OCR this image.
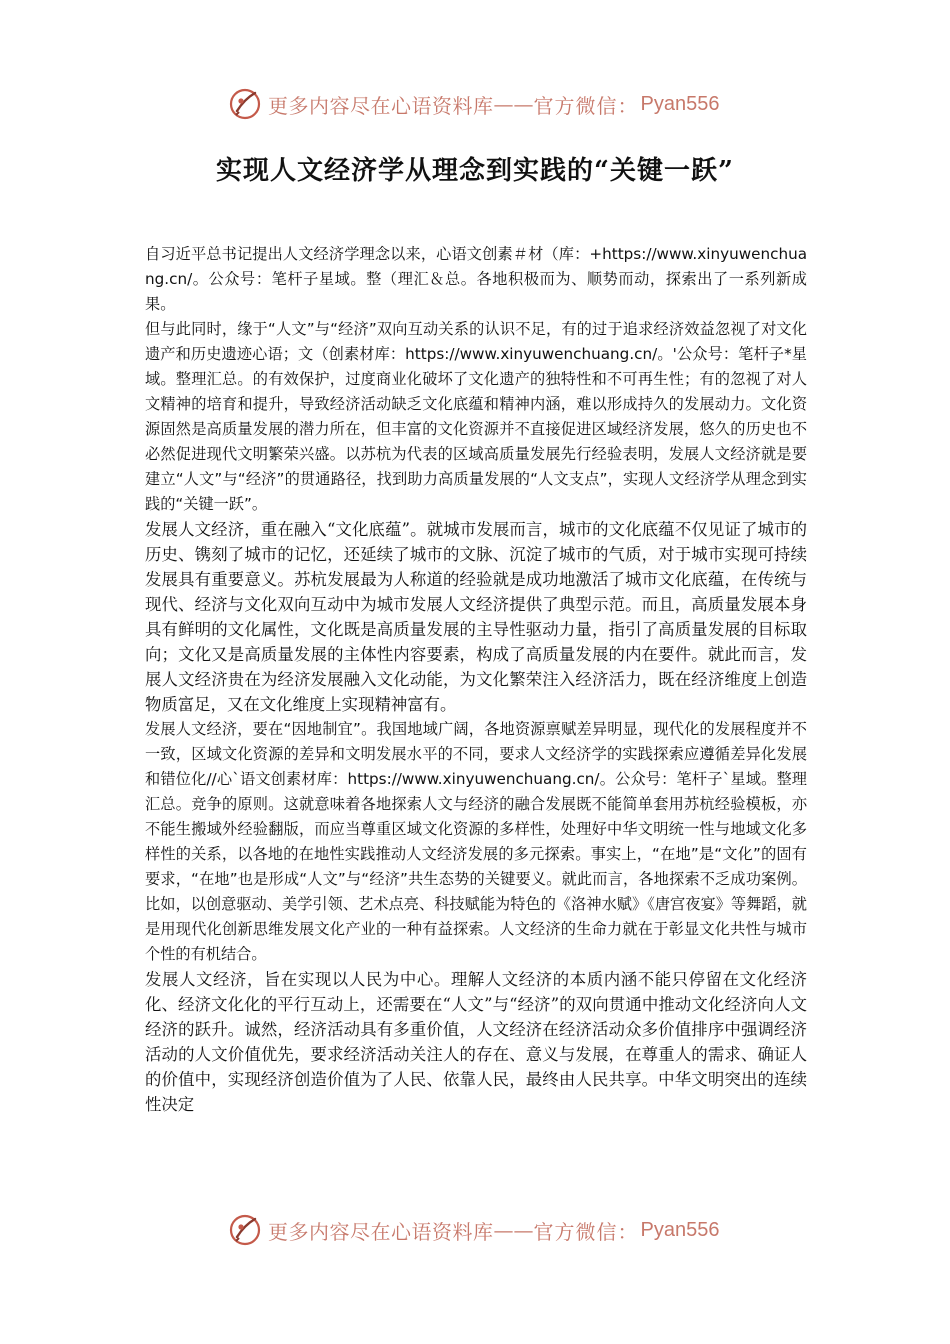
更多内容尽在心语资料库 —— 官方微信： Pyan556
实现人文经济学从理念到实践的“关键一跃”

自习近平总书记提出人文经济学理念以来，心语文创素＃材（库：+https://www.xinyuwenchuang.cn/。公众号：笔杆子星域。整（理汇＆总。各地积极而为、顺势而动，探索出了一系列新成果。

但与此同时，缘于“人文”与“经济”双向互动关系的认识不足，有的过于追求经济效益忽视了对文化遗产和历史遗迹心语；文（创素材库：https://www.xinyuwenchuang.cn/。'公众号：笔杆子*星域。整理汇总。的有效保护，过度商业化破坏了文化遗产的独特性和不可再生性；有的忽视了对人文精神的培育和提升，导致经济活动缺乏文化底蕴和精神内涵，难以形成持久的发展动力。文化资源固然是高质量发展的潜力所在，但丰富的文化资源并不直接促进区域经济发展，悠久的历史也不必然促进现代文明繁荣兴盛。以苏杭为代表的区域高质量发展先行经验表明，发展人文经济就是要建立“人文”与“经济”的贯通路径，找到助力高质量发展的“人文支点”，实现人文经济学从理念到实践的“关键一跃”。

发展人文经济，重在融入“文化底蕴”。就城市发展而言，城市的文化底蕴不仅见证了城市的历史、镌刻了城市的记忆，还延续了城市的文脉、沉淀了城市的气质，对于城市实现可持续发展具有重要意义。苏杭发展最为人称道的经验就是成功地激活了城市文化底蕴，在传统与现代、经济与文化双向互动中为城市发展人文经济提供了典型示范。而且，高质量发展本身具有鲜明的文化属性，文化既是高质量发展的主导性驱动力量，指引了高质量发展的目标取向；文化又是高质量发展的主体性内容要素，构成了高质量发展的内在要件。就此而言，发展人文经济贵在为经济发展融入文化动能，为文化繁荣注入经济活力，既在经济维度上创造物质富足，又在文化维度上实现精神富有。

发展人文经济，要在“因地制宜”。我国地域广阔，各地资源禀赋差异明显，现代化的发展程度并不一致，区域文化资源的差异和文明发展水平的不同，要求人文经济学的实践探索应遵循差异化发展和错位化//心`语文创素材库：https://www.xinyuwenchuang.cn/。公众号：笔杆子`星域。整理汇总。竞争的原则。这就意味着各地探索人文与经济的融合发展既不能简单套用苏杭经验模板，亦不能生搬域外经验翻版，而应当尊重区域文化资源的多样性，处理好中华文明统一性与地域文化多样性的关系，以各地的在地性实践推动人文经济发展的多元探索。事实上，“在地”是“文化”的固有要求，“在地”也是形成“人文”与“经济”共生态势的关键要义。就此而言，各地探索不乏成功案例。比如，以创意驱动、美学引领、艺术点亮、科技赋能为特色的《洛神水赋》《唐宫夜宴》等舞蹈，就是用现代化创新思维发展文化产业的一种有益探索。人文经济的生命力就在于彰显文化共性与城市个性的有机结合。

发展人文经济，旨在实现以人民为中心。理解人文经济的本质内涵不能只停留在文化经济化、经济文化化的平行互动上，还需要在“人文”与“经济”的双向贯通中推动文化经济向人文经济的跃升。诚然，经济活动具有多重价值，人文经济在经济活动众多价值排序中强调经济活动的人文价值优先，要求经济活动关注人的存在、意义与发展，在尊重人的需求、确证人的价值中，实现经济创造价值为了人民、依靠人民，最终由人民共享。中华文明突出的连续性决定

更多内容尽在心语资料库 —— 官方微信： Pyan556
